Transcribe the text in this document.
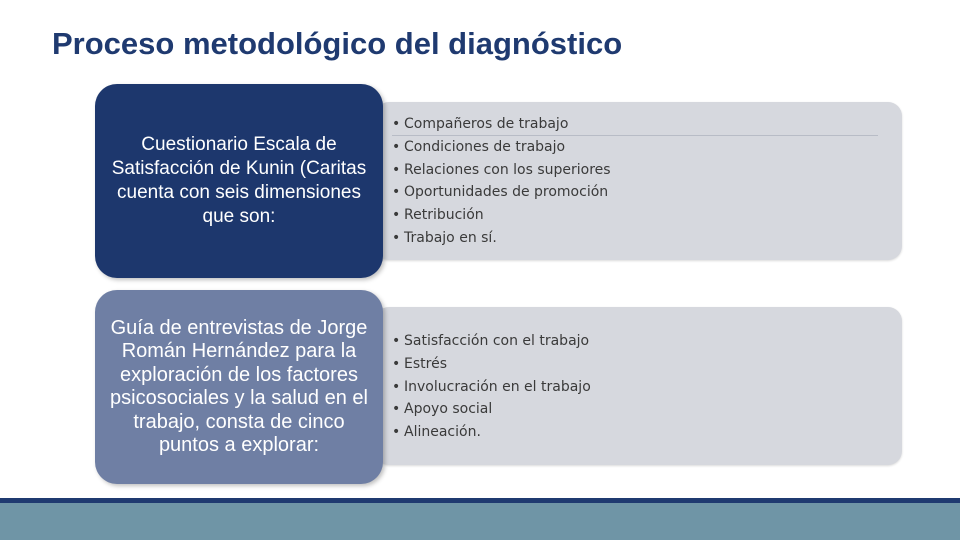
Proceso metodológico del diagnóstico
Cuestionario Escala de Satisfacción de Kunin (Caritas cuenta con seis dimensiones que son:
• Compañeros de trabajo
• Condiciones de trabajo
• Relaciones con los superiores
• Oportunidades de promoción
• Retribución
• Trabajo en sí.
Guía de entrevistas de Jorge Román Hernández para la exploración de los factores psicosociales y la salud en el trabajo, consta de cinco puntos a explorar:
• Satisfacción con el trabajo
• Estrés
• Involucración en el trabajo
• Apoyo social
• Alineación.
